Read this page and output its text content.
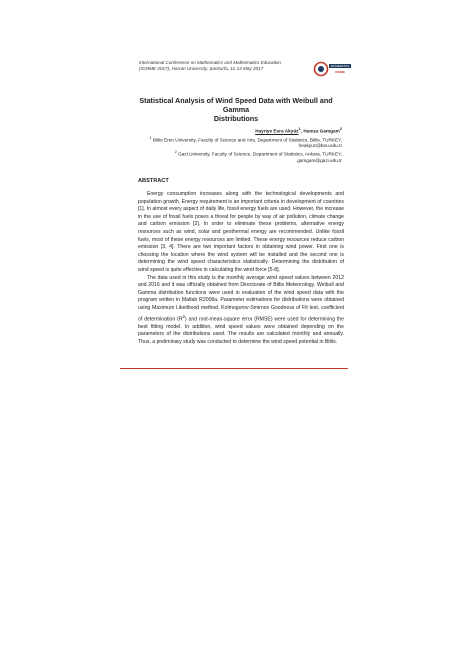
International Conference on Mathematics and Mathematics Education
(ICMME-2017), Harran University, Şanlıurfa, 11-13 May 2017	MATHEMATICS
ICMME
Statistical Analysis of Wind Speed Data with Weibull and Gamma
Distributions
Hayriye Esra Akyüz$^1$, Hamza Gamgam$^2$
$^1$ Bitlis Eren University, Faculty of Science and Arts, Department of Statistics, Bitlis, TURKEY,
heakyuz@beu.edu.tr
$^2$ Gazi University, Faculty of Science, Department of Statistics, Ankara, TURKEY,
gamgam@gazi.edu.tr
ABSTRACT

Energy consumption increases along with the technological developments and population growth. Energy requirement is an important criteria in development of countries [1]. In almost every aspect of daily life, fossil energy fuels are used. However, the increase in the use of fossil fuels poses a threat for people by way of air pollution, climate change and carbon emission [2]. In order to eliminate these problems, alternative energy resources such as wind, solar and geothermal energy are recommended. Unlike fossil fuels, most of these energy resources are limited. These energy resources reduce carbon emission [3, 4]. There are two important factors in obtaining wind power. First one is choosing the location where the wind system will be installed and the second one is determining the wind speed characteristics statistically. Determining the distribution of wind speed is quite effective in calculating the wind force [5-8].

The data used in this study is the monthly average wind speed values between 2012 and 2016 and it was officially obtained from Directorate of Bitlis Meteorology. Weibull and Gamma distribution functions were used in evaluation of the wind speed data with the program written in Matlab R2009a. Parameter estimations for distributions were obtained using Maximum Likelihood method. Kolmogorov-Smirnov Goodness of Fit test, coefficient of determination $(R^2)$ and root-mean-square error (RMSE) were used for determining the best fitting model. In addition, wind speed values were obtained depending on the parameters of the distributions used. The results are calculated monthly and annually. Thus, a preliminary study was conducted to determine the wind speed potential in Bitlis.
